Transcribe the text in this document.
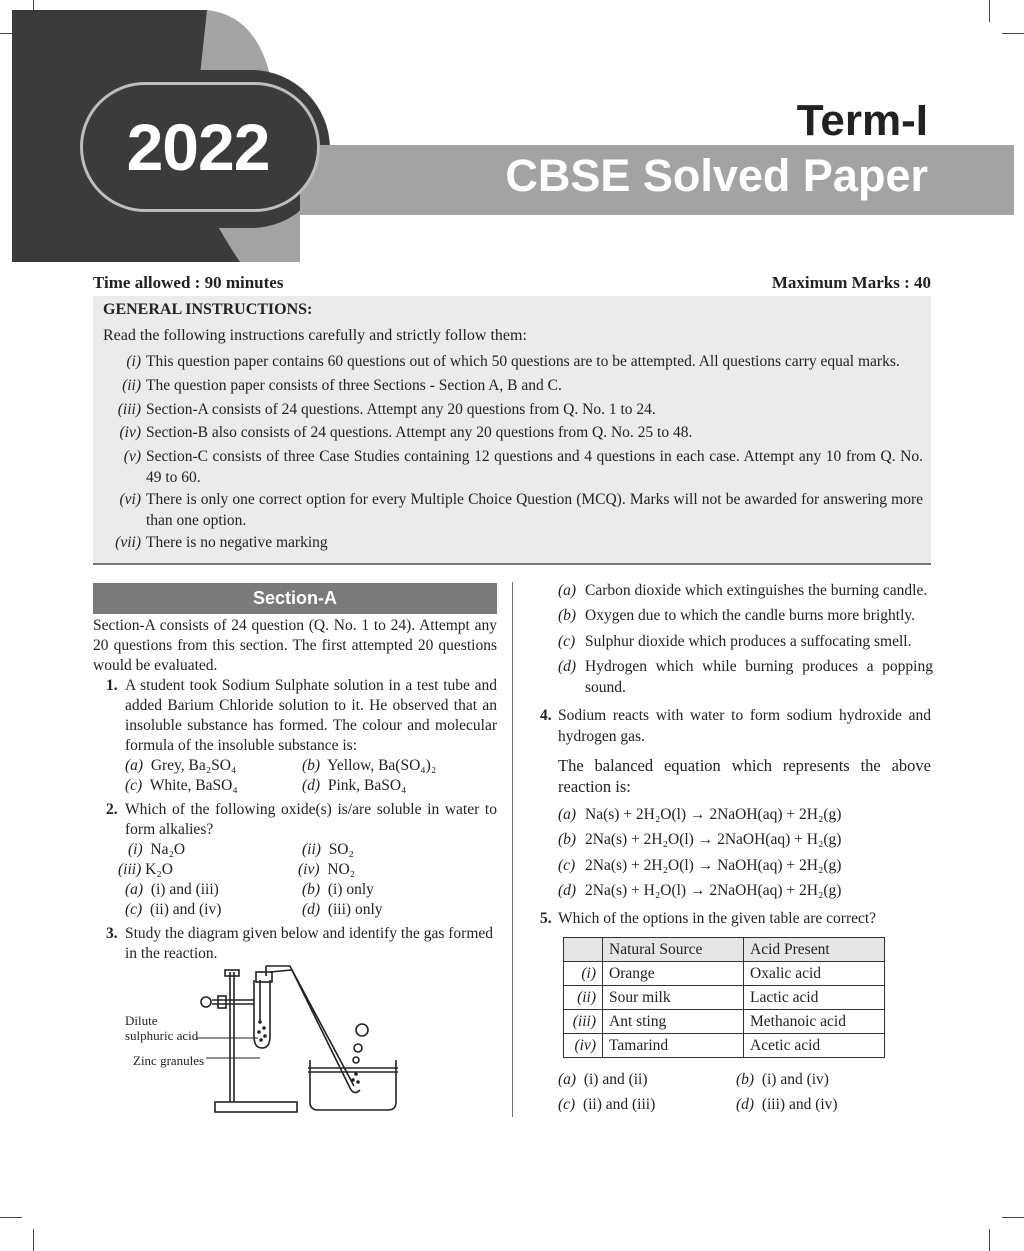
2022	Term-I
CBSE Solved Paper
Time allowed : 90 minutes	Maximum Marks : 40
GENERAL INSTRUCTIONS:
Read the following instructions carefully and strictly follow them:
(i) This question paper contains 60 questions out of which 50 questions are to be attempted. All questions carry equal marks.
(ii) The question paper consists of three Sections - Section A, B and C.
(iii) Section-A consists of 24 questions. Attempt any 20 questions from Q. No. 1 to 24.
(iv) Section-B also consists of 24 questions. Attempt any 20 questions from Q. No. 25 to 48.
(v) Section-C consists of three Case Studies containing 12 questions and 4 questions in each case. Attempt any 10 from Q. No. 49 to 60.
(vi) There is only one correct option for every Multiple Choice Question (MCQ). Marks will not be awarded for answering more than one option.
(vii) There is no negative marking
Section-A
Section-A consists of 24 question (Q. No. 1 to 24). Attempt any 20 questions from this section. The first attempted 20 questions would be evaluated.
1. A student took Sodium Sulphate solution in a test tube and added Barium Chloride solution to it. He observed that an insoluble substance has formed. The colour and molecular formula of the insoluble substance is:
(a) Grey, Ba₂SO₄	(b) Yellow, Ba(SO₄)₂
(c) White, BaSO₄	(d) Pink, BaSO₄
2. Which of the following oxide(s) is/are soluble in water to form alkalies?
(i) Na₂O	(ii) SO₂
(iii) K₂O	(iv) NO₂
(a) (i) and (iii)	(b) (i) only
(c) (ii) and (iv)	(d) (iii) only
3. Study the diagram given below and identify the gas formed in the reaction.
Dilute
sulphuric acid
Zinc granules
(a) Carbon dioxide which extinguishes the burning candle.
(b) Oxygen due to which the candle burns more brightly.
(c) Sulphur dioxide which produces a suffocating smell.
(d) Hydrogen which while burning produces a popping sound.
4. Sodium reacts with water to form sodium hydroxide and hydrogen gas.
The balanced equation which represents the above reaction is:
(a) Na(s) + 2H₂O(l) → 2NaOH(aq) + 2H₂(g)
(b) 2Na(s) + 2H₂O(l) → 2NaOH(aq) + H₂(g)
(c) 2Na(s) + 2H₂O(l) → NaOH(aq) + 2H₂(g)
(d) 2Na(s) + H₂O(l) → 2NaOH(aq) + 2H₂(g)
5. Which of the options in the given table are correct?
	Natural Source	Acid Present
(i)	Orange	Oxalic acid
(ii)	Sour milk	Lactic acid
(iii)	Ant sting	Methanoic acid
(iv)	Tamarind	Acetic acid
(a) (i) and (ii)	(b) (i) and (iv)
(c) (ii) and (iii)	(d) (iii) and (iv)
